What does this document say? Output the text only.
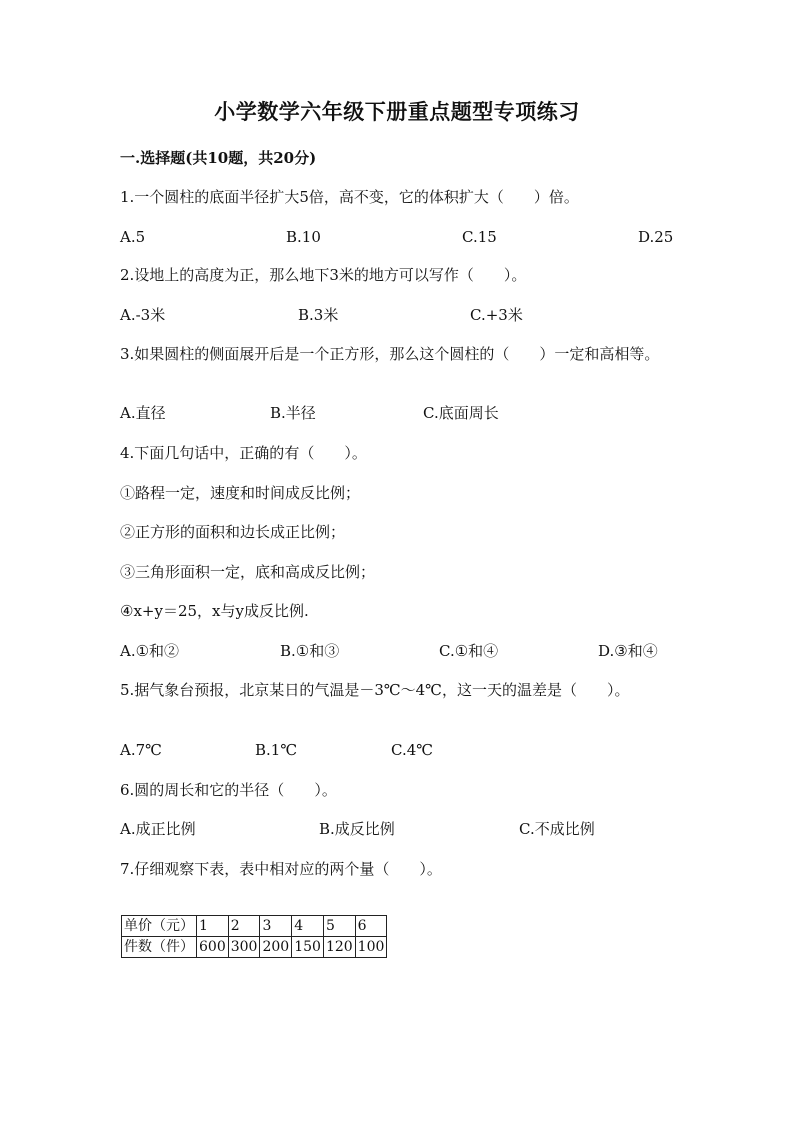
小学数学六年级下册重点题型专项练习
一.选择题(共10题，共20分)
1.一个圆柱的底面半径扩大5倍，高不变，它的体积扩大（　　）倍。
A.5	B.10	C.15	D.25
2.设地上的高度为正，那么地下3米的地方可以写作（　　）。
A.-3米	B.3米	C.+3米
3.如果圆柱的侧面展开后是一个正方形，那么这个圆柱的（　　）一定和高相等。
A.直径	B.半径	C.底面周长
4.下面几句话中，正确的有（　　）。
①路程一定，速度和时间成反比例；
②正方形的面积和边长成正比例；
③三角形面积一定，底和高成反比例；
④x+y＝25，x与y成反比例.
A.①和②	B.①和③	C.①和④	D.③和④
5.据气象台预报，北京某日的气温是－3℃～4℃，这一天的温差是（　　）。
A.7℃	B.1℃	C.4℃
6.圆的周长和它的半径（　　）。
A.成正比例	B.成反比例	C.不成比例
7.仔细观察下表，表中相对应的两个量（　　）。
单价（元）	1	2	3	4	5	6
件数（件）	600	300	200	150	120	100
